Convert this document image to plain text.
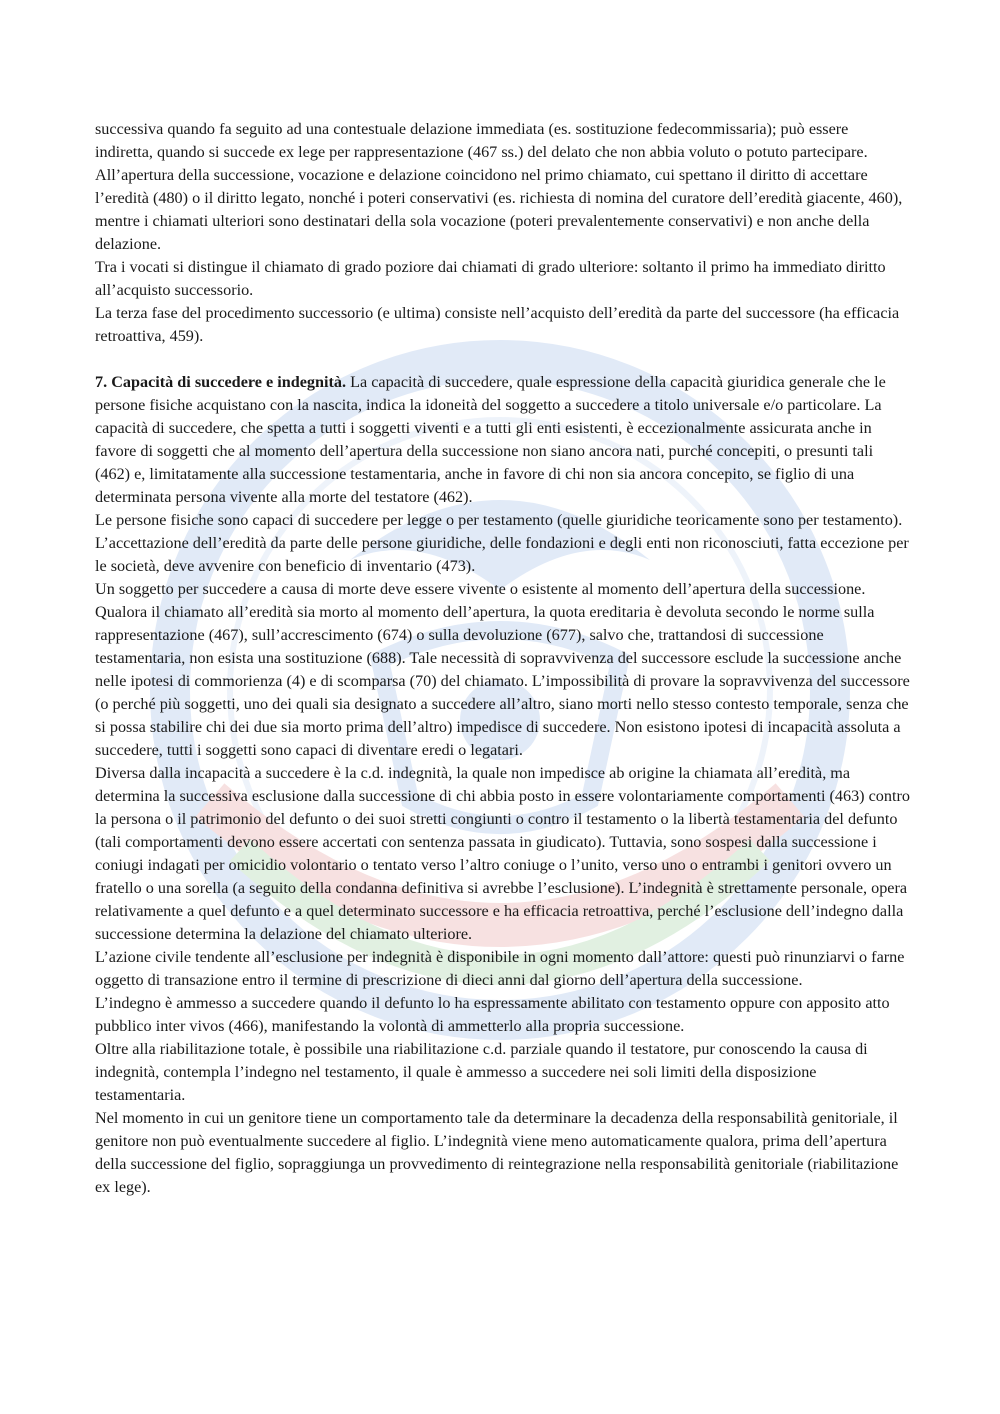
successiva quando fa seguito ad una contestuale delazione immediata (es. sostituzione fedecommissaria); può essere indiretta, quando si succede ex lege per rappresentazione (467 ss.) del delato che non abbia voluto o potuto partecipare.

All’apertura della successione, vocazione e delazione coincidono nel primo chiamato, cui spettano il diritto di accettare l’eredità (480) o il diritto legato, nonché i poteri conservativi (es. richiesta di nomina del curatore dell’eredità giacente, 460), mentre i chiamati ulteriori sono destinatari della sola vocazione (poteri prevalentemente conservativi) e non anche della delazione.

Tra i vocati si distingue il chiamato di grado poziore dai chiamati di grado ulteriore: soltanto il primo ha immediato diritto all’acquisto successorio.

La terza fase del procedimento successorio (e ultima) consiste nell’acquisto dell’eredità da parte del successore (ha efficacia retroattiva, 459).

7. Capacità di succedere e indegnità. La capacità di succedere, quale espressione della capacità giuridica generale che le persone fisiche acquistano con la nascita, indica la idoneità del soggetto a succedere a titolo universale e/o particolare. La capacità di succedere, che spetta a tutti i soggetti viventi e a tutti gli enti esistenti, è eccezionalmente assicurata anche in favore di soggetti che al momento dell’apertura della successione non siano ancora nati, purché concepiti, o presunti tali (462) e, limitatamente alla successione testamentaria, anche in favore di chi non sia ancora concepito, se figlio di una determinata persona vivente alla morte del testatore (462).

Le persone fisiche sono capaci di succedere per legge o per testamento (quelle giuridiche teoricamente sono per testamento). L’accettazione dell’eredità da parte delle persone giuridiche, delle fondazioni e degli enti non riconosciuti, fatta eccezione per le società, deve avvenire con beneficio di inventario (473).

Un soggetto per succedere a causa di morte deve essere vivente o esistente al momento dell’apertura della successione. Qualora il chiamato all’eredità sia morto al momento dell’apertura, la quota ereditaria è devoluta secondo le norme sulla rappresentazione (467), sull’accrescimento (674) o sulla devoluzione (677), salvo che, trattandosi di successione testamentaria, non esista una sostituzione (688). Tale necessità di sopravvivenza del successore esclude la successione anche nelle ipotesi di commorienza (4) e di scomparsa (70) del chiamato. L’impossibilità di provare la sopravvivenza del successore (o perché più soggetti, uno dei quali sia designato a succedere all’altro, siano morti nello stesso contesto temporale, senza che si possa stabilire chi dei due sia morto prima dell’altro) impedisce di succedere. Non esistono ipotesi di incapacità assoluta a succedere, tutti i soggetti sono capaci di diventare eredi o legatari.

Diversa dalla incapacità a succedere è la c.d. indegnità, la quale non impedisce ab origine la chiamata all’eredità, ma determina la successiva esclusione dalla successione di chi abbia posto in essere volontariamente comportamenti (463) contro la persona o il patrimonio del defunto o dei suoi stretti congiunti o contro il testamento o la libertà testamentaria del defunto (tali comportamenti devono essere accertati con sentenza passata in giudicato). Tuttavia, sono sospesi dalla successione i coniugi indagati per omicidio volontario o tentato verso l’altro coniuge o l’unito, verso uno o entrambi i genitori ovvero un fratello o una sorella (a seguito della condanna definitiva si avrebbe l’esclusione). L’indegnità è strettamente personale, opera relativamente a quel defunto e a quel determinato successore e ha efficacia retroattiva, perché l’esclusione dell’indegno dalla successione determina la delazione del chiamato ulteriore.

L’azione civile tendente all’esclusione per indegnità è disponibile in ogni momento dall’attore: questi può rinunziarvi o farne oggetto di transazione entro il termine di prescrizione di dieci anni dal giorno dell’apertura della successione.

L’indegno è ammesso a succedere quando il defunto lo ha espressamente abilitato con testamento oppure con apposito atto pubblico inter vivos (466), manifestando la volontà di ammetterlo alla propria successione.

Oltre alla riabilitazione totale, è possibile una riabilitazione c.d. parziale quando il testatore, pur conoscendo la causa di indegnità, contempla l’indegno nel testamento, il quale è ammesso a succedere nei soli limiti della disposizione testamentaria.

Nel momento in cui un genitore tiene un comportamento tale da determinare la decadenza della responsabilità genitoriale, il genitore non può eventualmente succedere al figlio. L’indegnità viene meno automaticamente qualora, prima dell’apertura della successione del figlio, sopraggiunga un provvedimento di reintegrazione nella responsabilità genitoriale (riabilitazione ex lege).
